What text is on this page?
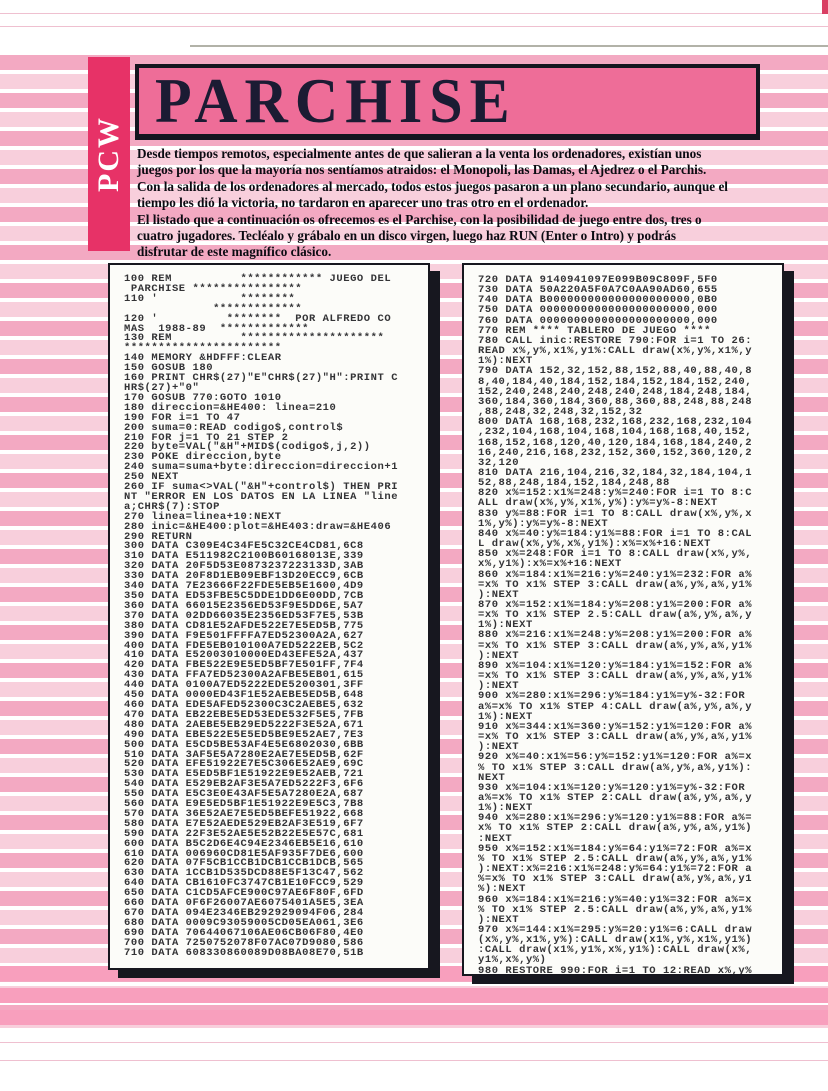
PCW
PARCHISE
Desde tiempos remotos, especialmente antes de que salieran a la venta los ordenadores, existían unos
juegos por los que la mayoría nos sentíamos atraidos: el Monopoli, las Damas, el Ajedrez o el Parchis.
Con la salida de los ordenadores al mercado, todos estos juegos pasaron a un plano secundario, aunque el
tiempo les dió la victoria, no tardaron en aparecer uno tras otro en el ordenador.
El listado que a continuación os ofrecemos es el Parchise, con la posibilidad de juego entre dos, tres o
cuatro jugadores. Tecléalo y grábalo en un disco virgen, luego haz RUN (Enter o Intro) y podrás
disfrutar de este magnífico clásico.
100 REM          ************ JUEGO DEL
PARCHISE ****************
110 '            ********
*************
120 '          ********  POR ALFREDO CO
MAS  1988-89  *************
130 REM          *********************
***********************
140 MEMORY &HDFFF:CLEAR
150 GOSUB 180
160 PRINT CHR$(27)"E"CHR$(27)"H":PRINT C
HR$(27)+"0"
170 GOSUB 770:GOTO 1010
180 direccion=&HE400: linea=210
190 FOR i=1 TO 47
200 suma=0:READ codigo$,control$
210 FOR j=1 TO 21 STEP 2
220 byte=VAL("&H"+MID$(codigo$,j,2))
230 POKE direccion,byte
240 suma=suma+byte:direccion=direccion+1
250 NEXT
260 IF suma<>VAL("&H"+control$) THEN PRI
NT "ERROR EN LOS DATOS EN LA LINEA "line
a;CHR$(7):STOP
270 linea=linea+10:NEXT
280 inic=&HE400:plot=&HE403:draw=&HE406
290 RETURN
300 DATA C309E4C34FE5C32CE4CD81,6C8
310 DATA E511982C2100B60168013E,339
320 DATA 20F5D53E0873237223133D,3AB
330 DATA 20F8D1EB09EBF13D20ECC9,6CB
340 DATA 7E23666F22FDE5EB5E1600,4D9
350 DATA ED53FBE5C5DDE1DD6E00DD,7CB
360 DATA 66015E2356ED53F9E5DD6E,5A7
370 DATA 02DD66035E2356ED53F7E5,53B
380 DATA CD81E52AFDE522E7E5ED5B,775
390 DATA F9E501FFFFA7ED52300A2A,627
400 DATA FDE5EB010100A7ED5222EB,5C2
410 DATA E52003010000ED43EFE52A,437
420 DATA FBE522E9E5ED5BF7E501FF,7F4
430 DATA FFA7ED52300A2AFBE5EB01,615
440 DATA 0100A7ED5222EDE5200301,3FF
450 DATA 0000ED43F1E52AEBE5ED5B,648
460 DATA EDE5AFED52300C3C2AEBE5,632
470 DATA EB22EBE5ED53EDE532F5E5,7FB
480 DATA 2AEBE5EB29ED5222F3E52A,671
490 DATA EBE522E5E5ED5BE9E52AE7,7E3
500 DATA E5CD5BE53AF4E5E6802030,6BB
510 DATA 3AF5E5A7280E2AE7E5ED5B,62F
520 DATA EFE51922E7E5C306E52AE9,69C
530 DATA E5ED5BF1E51922E9E52AEB,721
540 DATA E529EB2AF3E5A7ED5222F3,6F6
550 DATA E5C3E0E43AF5E5A7280E2A,687
560 DATA E9E5ED5BF1E51922E9E5C3,7B8
570 DATA 36E52AE7E5ED5BEFE51922,668
580 DATA E7E52AEDE529EB2AF3E519,6F7
590 DATA 22F3E52AE5E52B22E5E57C,681
600 DATA B5C2D6E4C94E2346EB5E16,610
610 DATA 006960CD81E5AF935F7DE6,600
620 DATA 07F5CB1CCB1DCB1CCB1DCB,565
630 DATA 1CCB1D535DCD88E5F13C47,562
640 DATA CB1610FC3747CB1E10FCC9,529
650 DATA C1CD5AFCE900C97AE6F80F,6FD
660 DATA 0F6F26007AE6075401A5E5,3EA
670 DATA 094E2346EB292929094F06,284
680 DATA 0009C93059005CD05EA061,3E6
690 DATA 70644067106AE06CB06F80,4E0
700 DATA 7250752078F07AC07D9080,586
710 DATA 608330860089D08BA08E70,51B
720 DATA 9140941097E099B09C809F,5F0
730 DATA 50A220A5F0A7C0AA90AD60,655
740 DATA B000000000000000000000,0B0
750 DATA 0000000000000000000000,000
760 DATA 0000000000000000000000,000
770 REM **** TABLERO DE JUEGO ****
780 CALL inic:RESTORE 790:FOR i=1 TO 26:
READ x%,y%,x1%,y1%:CALL draw(x%,y%,x1%,y
1%):NEXT
790 DATA 152,32,152,88,152,88,40,88,40,8
8,40,184,40,184,152,184,152,184,152,240,
152,240,248,240,248,240,248,184,248,184,
360,184,360,184,360,88,360,88,248,88,248
,88,248,32,248,32,152,32
800 DATA 168,168,232,168,232,168,232,104
,232,104,168,104,168,104,168,168,40,152,
168,152,168,120,40,120,184,168,184,240,2
16,240,216,168,232,152,360,152,360,120,2
32,120
810 DATA 216,104,216,32,184,32,184,104,1
52,88,248,184,152,184,248,88
820 x%=152:x1%=248:y%=240:FOR i=1 TO 8:C
ALL draw(x%,y%,x1%,y%):y%=y%-8:NEXT
830 y%=88:FOR i=1 TO 8:CALL draw(x%,y%,x
1%,y%):y%=y%-8:NEXT
840 x%=40:y%=184:y1%=88:FOR i=1 TO 8:CAL
L draw(x%,y%,x%,y1%):x%=x%+16:NEXT
850 x%=248:FOR i=1 TO 8:CALL draw(x%,y%,
x%,y1%):x%=x%+16:NEXT
860 x%=184:x1%=216:y%=240:y1%=232:FOR a%
=x% TO x1% STEP 3:CALL draw(a%,y%,a%,y1%
):NEXT
870 x%=152:x1%=184:y%=208:y1%=200:FOR a%
=x% TO x1% STEP 2.5:CALL draw(a%,y%,a%,y
1%):NEXT
880 x%=216:x1%=248:y%=208:y1%=200:FOR a%
=x% TO x1% STEP 3:CALL draw(a%,y%,a%,y1%
):NEXT
890 x%=104:x1%=120:y%=184:y1%=152:FOR a%
=x% TO x1% STEP 3:CALL draw(a%,y%,a%,y1%
):NEXT
900 x%=280:x1%=296:y%=184:y1%=y%-32:FOR
a%=x% TO x1% STEP 4:CALL draw(a%,y%,a%,y
1%):NEXT
910 x%=344:x1%=360:y%=152:y1%=120:FOR a%
=x% TO x1% STEP 3:CALL draw(a%,y%,a%,y1%
):NEXT
920 x%=40:x1%=56:y%=152:y1%=120:FOR a%=x
% TO x1% STEP 3:CALL draw(a%,y%,a%,y1%):
NEXT
930 x%=104:x1%=120:y%=120:y1%=y%-32:FOR
a%=x% TO x1% STEP 2:CALL draw(a%,y%,a%,y
1%):NEXT
940 x%=280:x1%=296:y%=120:y1%=88:FOR a%=
x% TO x1% STEP 2:CALL draw(a%,y%,a%,y1%)
:NEXT
950 x%=152:x1%=184:y%=64:y1%=72:FOR a%=x
% TO x1% STEP 2.5:CALL draw(a%,y%,a%,y1%
):NEXT:x%=216:x1%=248:y%=64:y1%=72:FOR a
%=x% TO x1% STEP 3:CALL draw(a%,y%,a%,y1
%):NEXT
960 x%=184:x1%=216:y%=40:y1%=32:FOR a%=x
% TO x1% STEP 2.5:CALL draw(a%,y%,a%,y1%
):NEXT
970 x%=144:x1%=295:y%=20:y1%=6:CALL draw
(x%,y%,x1%,y%):CALL draw(x1%,y%,x1%,y1%)
:CALL draw(x1%,y1%,x%,y1%):CALL draw(x%,
y1%,x%,y%)
980 RESTORE 990:FOR i=1 TO 12:READ x%,y%
